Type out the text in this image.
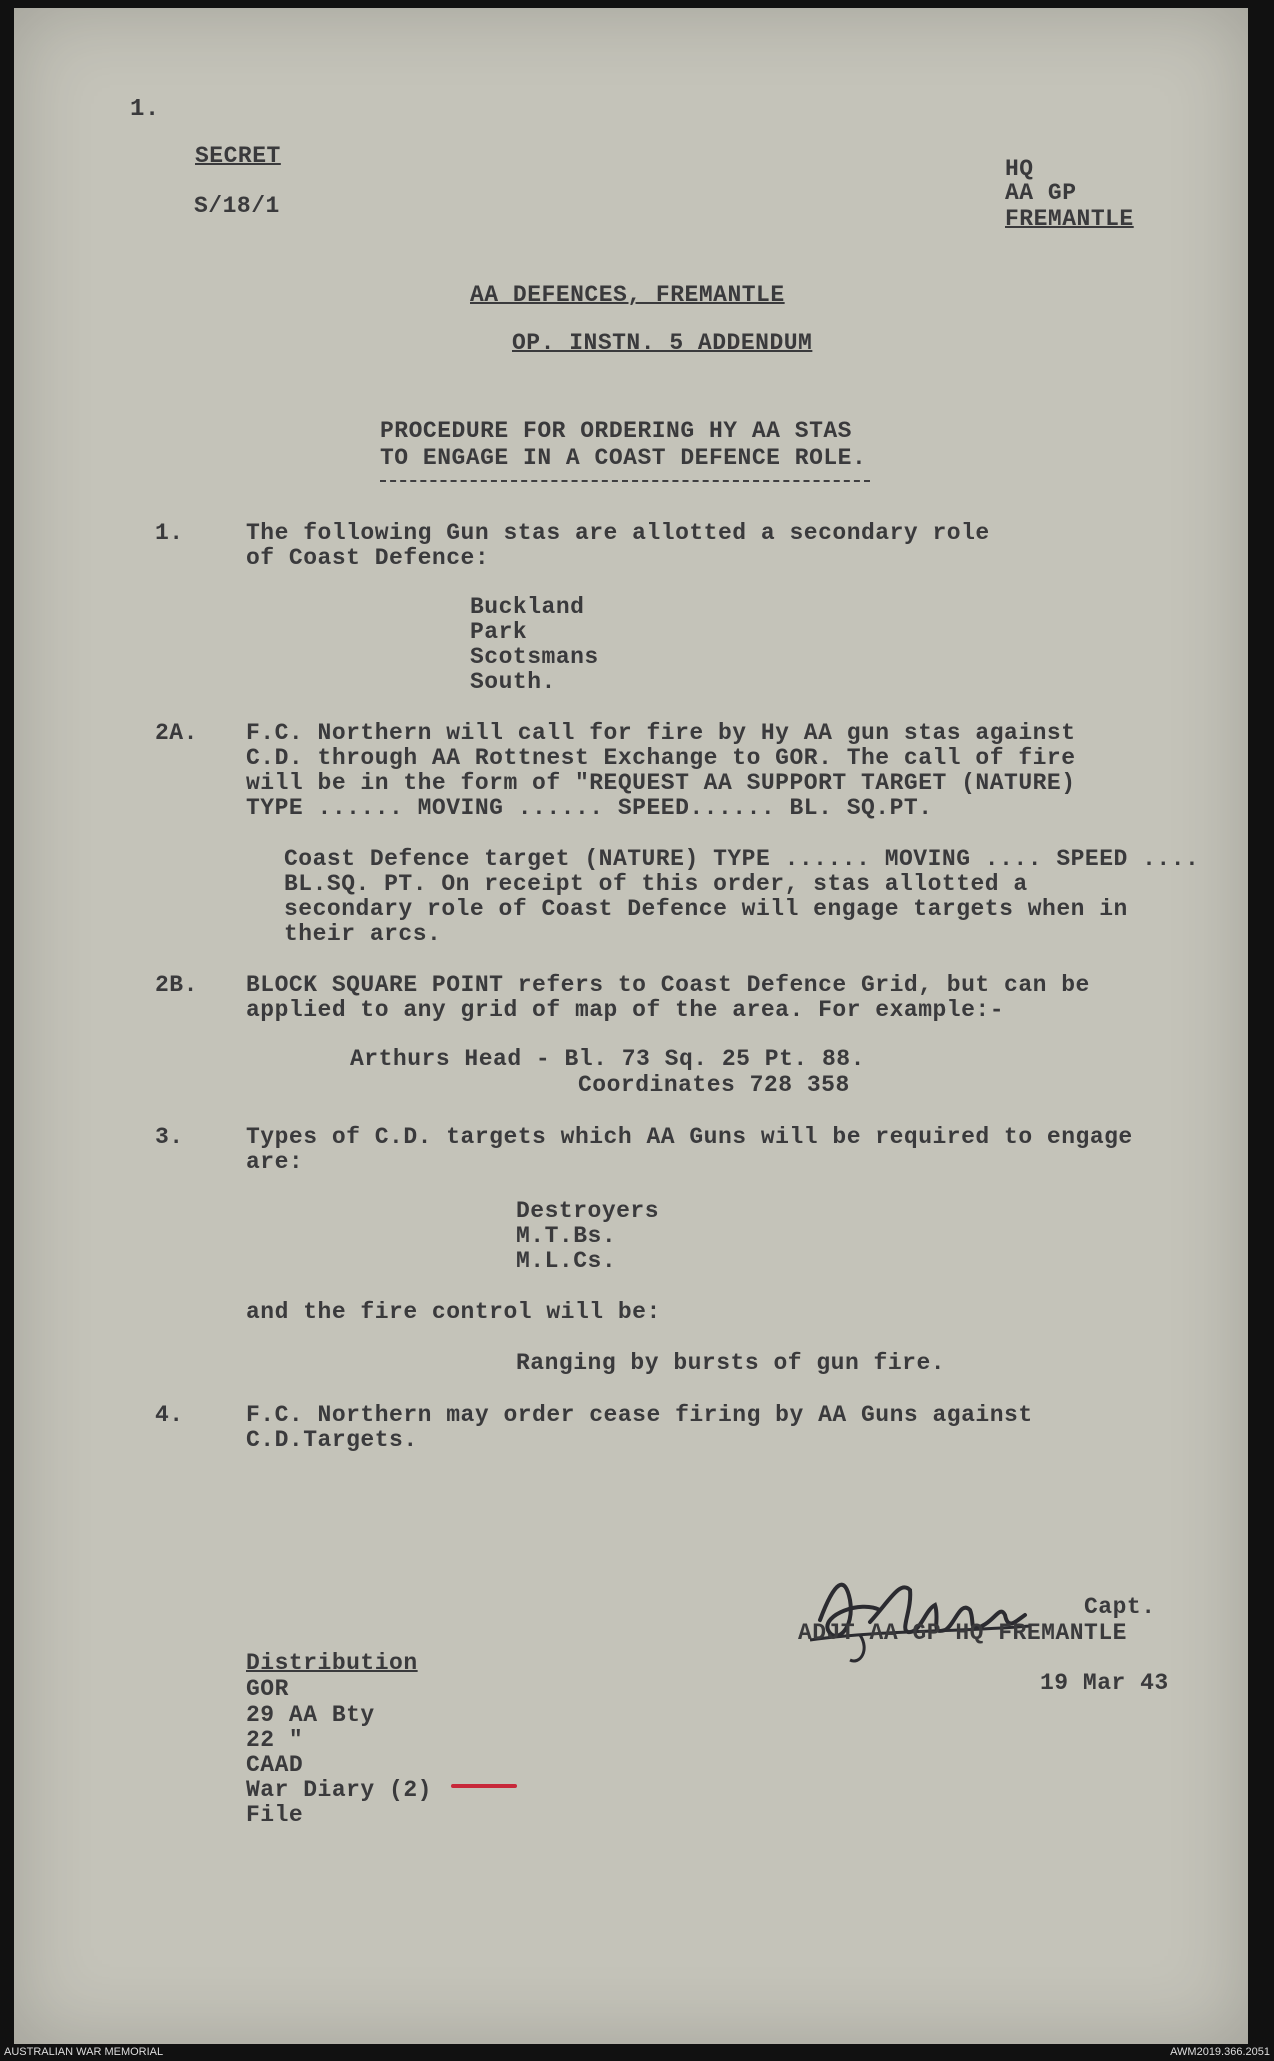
1.
SECRET
S/18/1
HQ
AA GP
FREMANTLE
AA DEFENCES, FREMANTLE
OP. INSTN. 5 ADDENDUM
PROCEDURE FOR ORDERING HY AA STAS
TO ENGAGE IN A COAST DEFENCE ROLE.
1.	The following Gun stas are allotted a secondary role
of Coast Defence:
Buckland
Park
Scotsmans
South.
2A. F.C. Northern will call for fire by Hy AA gun stas against
C.D. through AA Rottnest Exchange to GOR. The call of fire
will be in the form of "REQUEST AA SUPPORT TARGET (NATURE)
TYPE ...... MOVING ...... SPEED...... BL. SQ.PT.
Coast Defence target (NATURE) TYPE ...... MOVING .... SPEED ....
BL.SQ. PT. On receipt of this order, stas allotted a
secondary role of Coast Defence will engage targets when in
their arcs.
2B. BLOCK SQUARE POINT refers to Coast Defence Grid, but can be
applied to any grid of map of the area. For example:-
Arthurs Head - Bl. 73 Sq. 25 Pt. 88.
Coordinates 728 358
3.	Types of C.D. targets which AA Guns will be required to engage
are:
Destroyers
M.T.Bs.
M.L.Cs.
and the fire control will be:
Ranging by bursts of gun fire.
4.	F.C. Northern may order cease firing by AA Guns against
C.D.Targets.
Capt.
ADJT AA GP HQ FREMANTLE
19 Mar 43
Distribution
GOR
29 AA Bty
22 "
CAAD
War Diary (2)
File
AUSTRALIAN WAR MEMORIAL	AWM2019.366.2051
